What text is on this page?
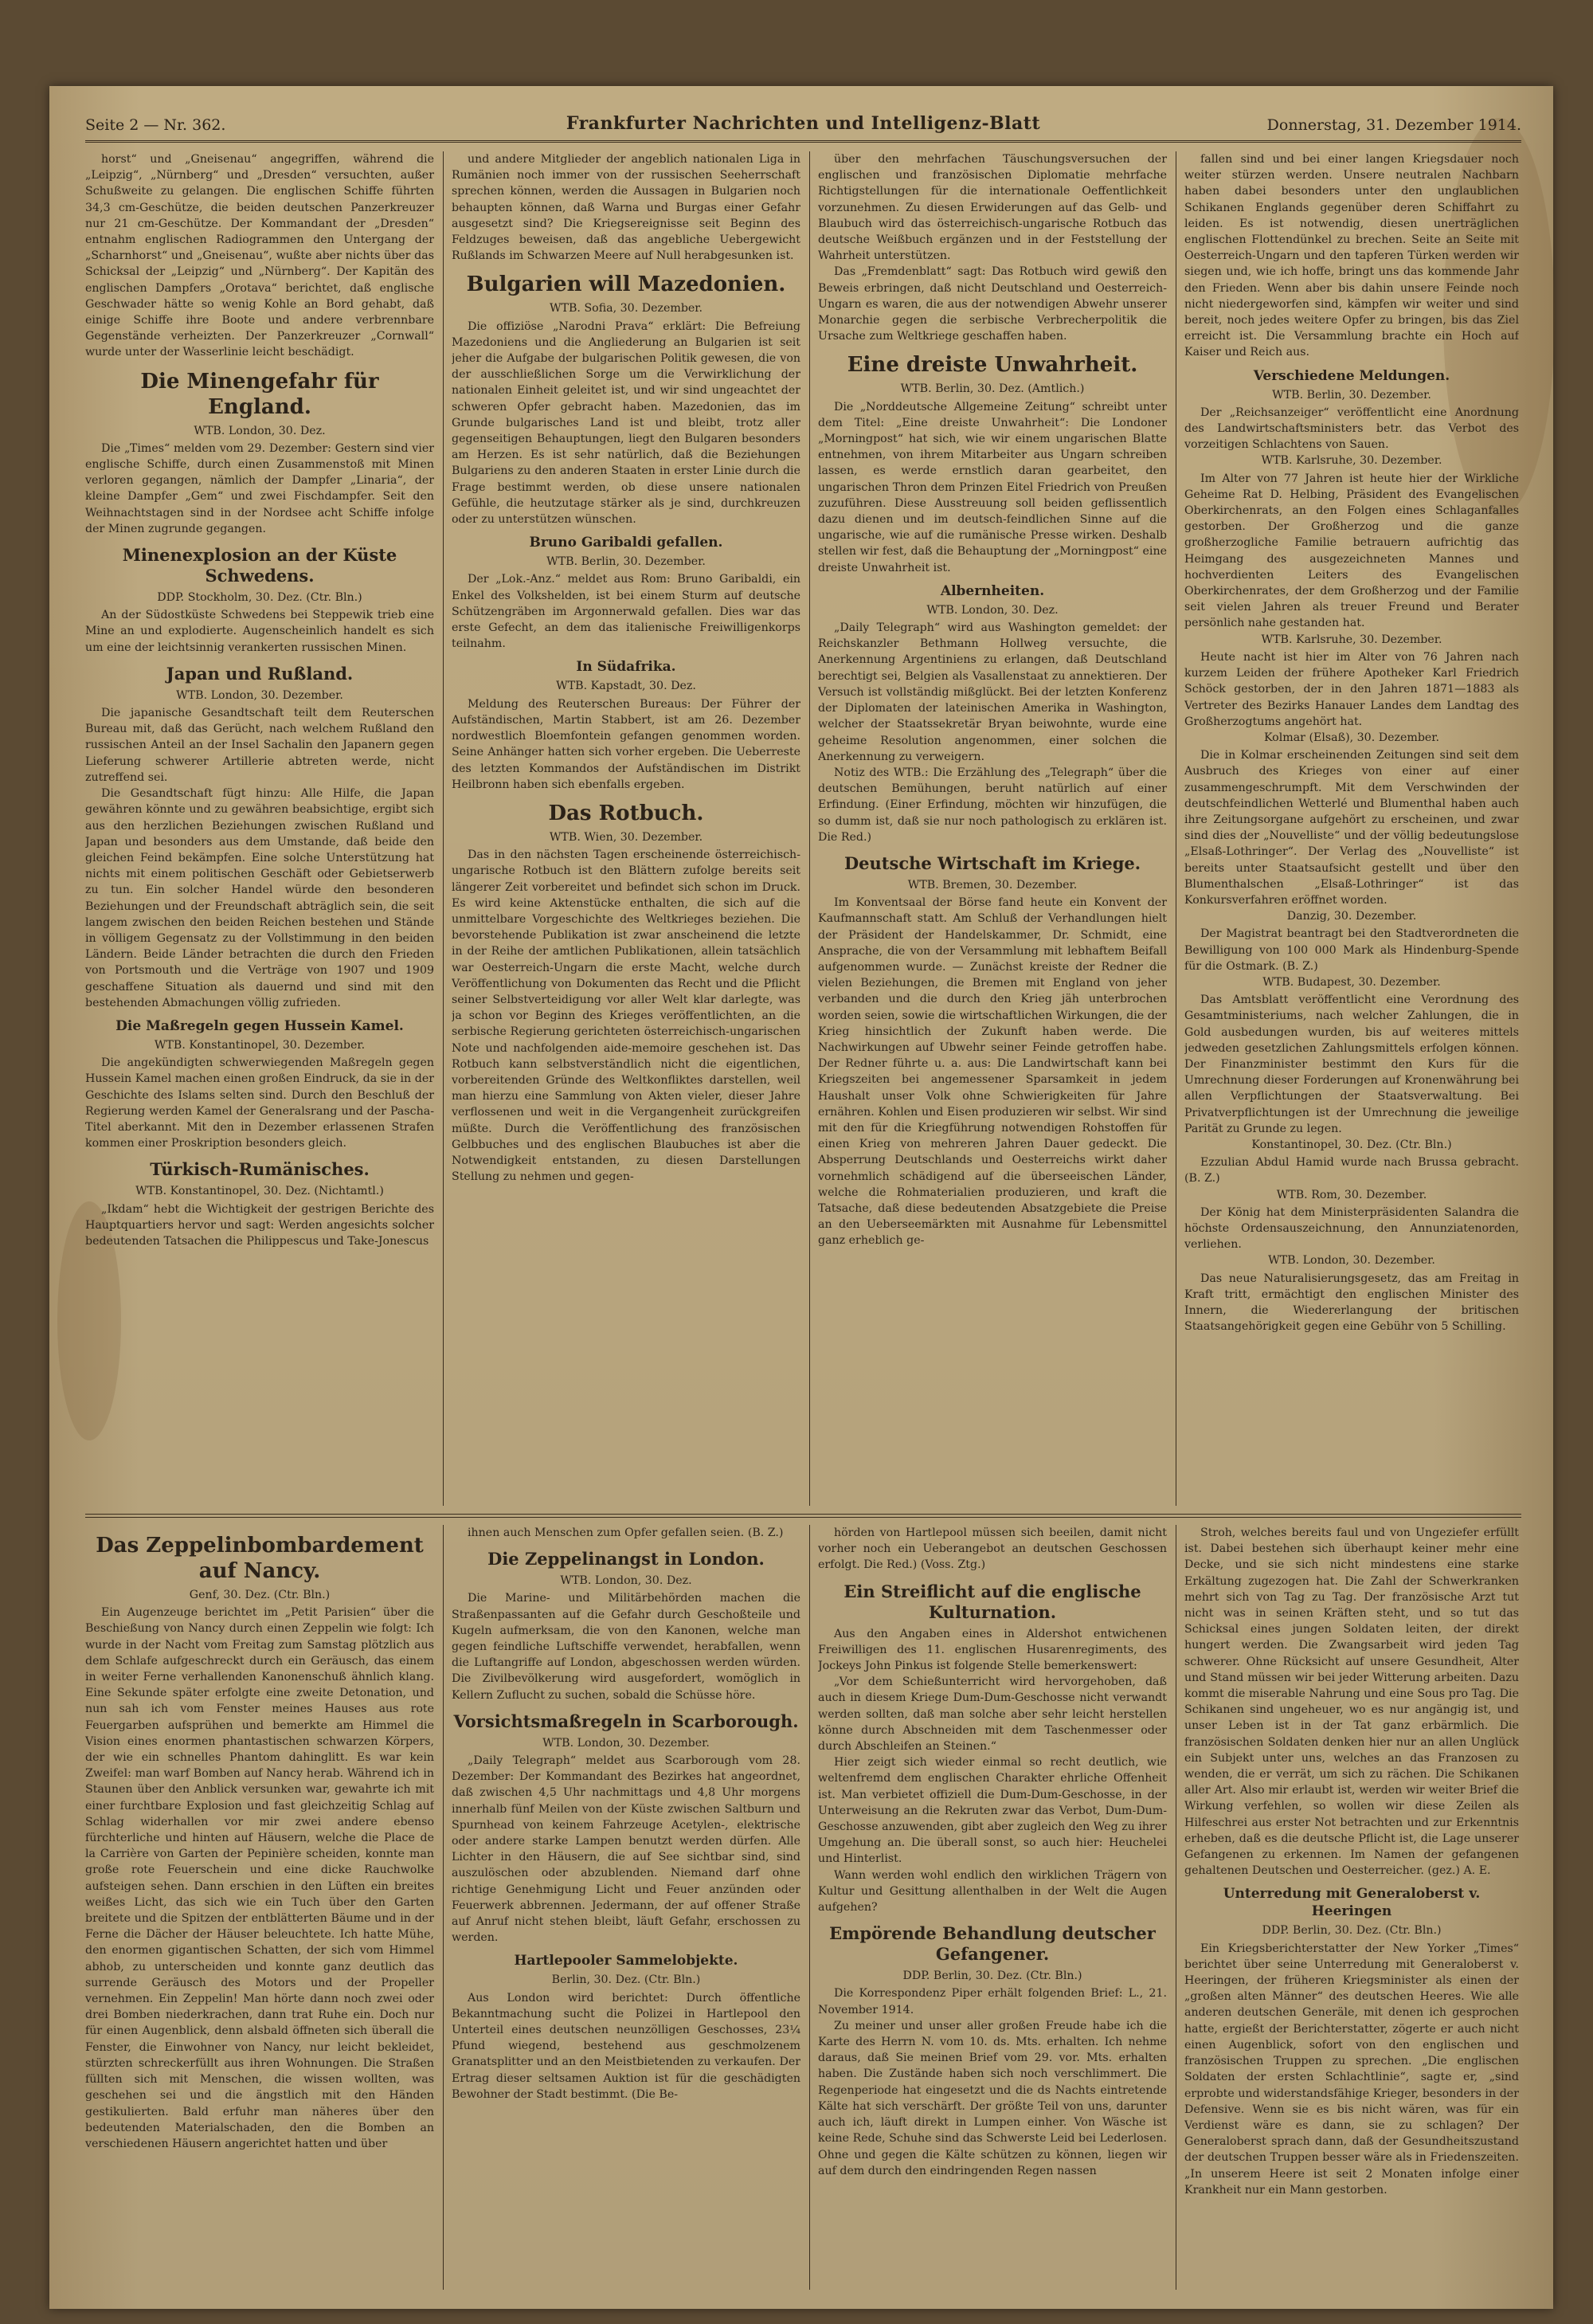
Seite 2 — Nr. 362.	Frankfurter Nachrichten und Intelligenz-Blatt	Donnerstag, 31. Dezember 1914.

horst“ und „Gneisenau“ angegriffen, während die „Leipzig“, „Nürnberg“ und „Dresden“ versuchten, außer Schußweite zu gelangen. Die englischen Schiffe führten 34,3 cm-Geschütze, die beiden deutschen Panzerkreuzer nur 21 cm-Geschütze. Der Kommandant der „Dresden“ entnahm englischen Radiogrammen den Untergang der „Scharnhorst“ und „Gneisenau“, wußte aber nichts über das Schicksal der „Leipzig“ und „Nürnberg“. Der Kapitän des englischen Dampfers „Orotava“ berichtet, daß englische Geschwader hätte so wenig Kohle an Bord gehabt, daß einige Schiffe ihre Boote und andere verbrennbare Gegenstände verheizten. Der Panzerkreuzer „Cornwall“ wurde unter der Wasserlinie leicht beschädigt.

Die Minengefahr für England.
WTB. London, 30. Dez.

Die „Times“ melden vom 29. Dezember: Gestern sind vier englische Schiffe, durch einen Zusammenstoß mit Minen verloren gegangen, nämlich der Dampfer „Linaria“, der kleine Dampfer „Gem“ und zwei Fischdampfer. Seit den Weihnachtstagen sind in der Nordsee acht Schiffe infolge der Minen zugrunde gegangen.

Minenexplosion an der Küste Schwedens.
DDP. Stockholm, 30. Dez. (Ctr. Bln.)

An der Südostküste Schwedens bei Steppewik trieb eine Mine an und explodierte. Augenscheinlich handelt es sich um eine der leichtsinnig verankerten russischen Minen.

Japan und Rußland.
WTB. London, 30. Dezember.

Die japanische Gesandtschaft teilt dem Reuterschen Bureau mit, daß das Gerücht, nach welchem Rußland den russischen Anteil an der Insel Sachalin den Japanern gegen Lieferung schwerer Artillerie abtreten werde, nicht zutreffend sei.

Die Gesandtschaft fügt hinzu: Alle Hilfe, die Japan gewähren könnte und zu gewähren beabsichtige, ergibt sich aus den herzlichen Beziehungen zwischen Rußland und Japan und besonders aus dem Umstande, daß beide den gleichen Feind bekämpfen. Eine solche Unterstützung hat nichts mit einem politischen Geschäft oder Gebietserwerb zu tun. Ein solcher Handel würde den besonderen Beziehungen und der Freundschaft abträglich sein, die seit langem zwischen den beiden Reichen bestehen und Stände in völligem Gegensatz zu der Vollstimmung in den beiden Ländern. Beide Länder betrachten die durch den Frieden von Portsmouth und die Verträge von 1907 und 1909 geschaffene Situation als dauernd und sind mit den bestehenden Abmachungen völlig zufrieden.

Die Maßregeln gegen Hussein Kamel.
WTB. Konstantinopel, 30. Dezember.

Die angekündigten schwerwiegenden Maßregeln gegen Hussein Kamel machen einen großen Eindruck, da sie in der Geschichte des Islams selten sind. Durch den Beschluß der Regierung werden Kamel der Generalsrang und der Pascha-Titel aberkannt. Mit den in Dezember erlassenen Strafen kommen einer Proskription besonders gleich.

Türkisch-Rumänisches.
WTB. Konstantinopel, 30. Dez. (Nichtamtl.)

„Ikdam“ hebt die Wichtigkeit der gestrigen Berichte des Hauptquartiers hervor und sagt: Werden angesichts solcher bedeutenden Tatsachen die Philippescus und Take-Jonescus

und andere Mitglieder der angeblich nationalen Liga in Rumänien noch immer von der russischen Seeherrschaft sprechen können, werden die Aussagen in Bulgarien noch behaupten können, daß Warna und Burgas einer Gefahr ausgesetzt sind? Die Kriegsereignisse seit Beginn des Feldzuges beweisen, daß das angebliche Uebergewicht Rußlands im Schwarzen Meere auf Null herabgesunken ist.

Bulgarien will Mazedonien.
WTB. Sofia, 30. Dezember.

Die offiziöse „Narodni Prava“ erklärt: Die Befreiung Mazedoniens und die Angliederung an Bulgarien ist seit jeher die Aufgabe der bulgarischen Politik gewesen, die von der ausschließlichen Sorge um die Verwirklichung der nationalen Einheit geleitet ist, und wir sind ungeachtet der schweren Opfer gebracht haben. Mazedonien, das im Grunde bulgarisches Land ist und bleibt, trotz aller gegenseitigen Behauptungen, liegt den Bulgaren besonders am Herzen. Es ist sehr natürlich, daß die Beziehungen Bulgariens zu den anderen Staaten in erster Linie durch die Frage bestimmt werden, ob diese unsere nationalen Gefühle, die heutzutage stärker als je sind, durchkreuzen oder zu unterstützen wünschen.

Bruno Garibaldi gefallen.
WTB. Berlin, 30. Dezember.

Der „Lok.-Anz.“ meldet aus Rom: Bruno Garibaldi, ein Enkel des Volkshelden, ist bei einem Sturm auf deutsche Schützengräben im Argonnerwald gefallen. Dies war das erste Gefecht, an dem das italienische Freiwilligenkorps teilnahm.

In Südafrika.
WTB. Kapstadt, 30. Dez.

Meldung des Reuterschen Bureaus: Der Führer der Aufständischen, Martin Stabbert, ist am 26. Dezember nordwestlich Bloemfontein gefangen genommen worden. Seine Anhänger hatten sich vorher ergeben. Die Ueberreste des letzten Kommandos der Aufständischen im Distrikt Heilbronn haben sich ebenfalls ergeben.

Das Rotbuch.
WTB. Wien, 30. Dezember.

Das in den nächsten Tagen erscheinende österreichisch-ungarische Rotbuch ist den Blättern zufolge bereits seit längerer Zeit vorbereitet und befindet sich schon im Druck. Es wird keine Aktenstücke enthalten, die sich auf die unmittelbare Vorgeschichte des Weltkrieges beziehen. Die bevorstehende Publikation ist zwar anscheinend die letzte in der Reihe der amtlichen Publikationen, allein tatsächlich war Oesterreich-Ungarn die erste Macht, welche durch Veröffentlichung von Dokumenten das Recht und die Pflicht seiner Selbstverteidigung vor aller Welt klar darlegte, was ja schon vor Beginn des Krieges veröffentlichten, an die serbische Regierung gerichteten österreichisch-ungarischen Note und nachfolgenden aide-memoire geschehen ist. Das Rotbuch kann selbstverständlich nicht die eigentlichen, vorbereitenden Gründe des Weltkonfliktes darstellen, weil man hierzu eine Sammlung von Akten vieler, dieser Jahre verflossenen und weit in die Vergangenheit zurückgreifen müßte. Durch die Veröffentlichung des französischen Gelbbuches und des englischen Blaubuches ist aber die Notwendigkeit entstanden, zu diesen Darstellungen Stellung zu nehmen und gegen-

über den mehrfachen Täuschungsversuchen der englischen und französischen Diplomatie mehrfache Richtigstellungen für die internationale Oeffentlichkeit vorzunehmen. Zu diesen Erwiderungen auf das Gelb- und Blaubuch wird das österreichisch-ungarische Rotbuch das deutsche Weißbuch ergänzen und in der Feststellung der Wahrheit unterstützen.

Das „Fremdenblatt“ sagt: Das Rotbuch wird gewiß den Beweis erbringen, daß nicht Deutschland und Oesterreich-Ungarn es waren, die aus der notwendigen Abwehr unserer Monarchie gegen die serbische Verbrecherpolitik die Ursache zum Weltkriege geschaffen haben.

Eine dreiste Unwahrheit.
WTB. Berlin, 30. Dez. (Amtlich.)

Die „Norddeutsche Allgemeine Zeitung“ schreibt unter dem Titel: „Eine dreiste Unwahrheit“: Die Londoner „Morningpost“ hat sich, wie wir einem ungarischen Blatte entnehmen, von ihrem Mitarbeiter aus Ungarn schreiben lassen, es werde ernstlich daran gearbeitet, den ungarischen Thron dem Prinzen Eitel Friedrich von Preußen zuzuführen. Diese Ausstreuung soll beiden geflissentlich dazu dienen und im deutsch-feindlichen Sinne auf die ungarische, wie auf die rumänische Presse wirken. Deshalb stellen wir fest, daß die Behauptung der „Morningpost“ eine dreiste Unwahrheit ist.

Albernheiten.
WTB. London, 30. Dez.

„Daily Telegraph“ wird aus Washington gemeldet: der Reichskanzler Bethmann Hollweg versuchte, die Anerkennung Argentiniens zu erlangen, daß Deutschland berechtigt sei, Belgien als Vasallenstaat zu annektieren. Der Versuch ist vollständig mißglückt. Bei der letzten Konferenz der Diplomaten der lateinischen Amerika in Washington, welcher der Staatssekretär Bryan beiwohnte, wurde eine geheime Resolution angenommen, einer solchen die Anerkennung zu verweigern.

Notiz des WTB.: Die Erzählung des „Telegraph“ über die deutschen Bemühungen, beruht natürlich auf einer Erfindung. (Einer Erfindung, möchten wir hinzufügen, die so dumm ist, daß sie nur noch pathologisch zu erklären ist. Die Red.)

Deutsche Wirtschaft im Kriege.
WTB. Bremen, 30. Dezember.

Im Konventsaal der Börse fand heute ein Konvent der Kaufmannschaft statt. Am Schluß der Verhandlungen hielt der Präsident der Handelskammer, Dr. Schmidt, eine Ansprache, die von der Versammlung mit lebhaftem Beifall aufgenommen wurde. — Zunächst kreiste der Redner die vielen Beziehungen, die Bremen mit England von jeher verbanden und die durch den Krieg jäh unterbrochen worden seien, sowie die wirtschaftlichen Wirkungen, die der Krieg hinsichtlich der Zukunft haben werde. Die Nachwirkungen auf Ubwehr seiner Feinde getroffen habe. Der Redner führte u. a. aus: Die Landwirtschaft kann bei Kriegszeiten bei angemessener Sparsamkeit in jedem Haushalt unser Volk ohne Schwierigkeiten für Jahre ernähren. Kohlen und Eisen produzieren wir selbst. Wir sind mit den für die Kriegführung notwendigen Rohstoffen für einen Krieg von mehreren Jahren Dauer gedeckt. Die Absperrung Deutschlands und Oesterreichs wirkt daher vornehmlich schädigend auf die überseeischen Länder, welche die Rohmaterialien produzieren, und kraft die Tatsache, daß diese bedeutenden Absatzgebiete die Preise an den Ueberseemärkten mit Ausnahme für Lebensmittel ganz erheblich ge-

fallen sind und bei einer langen Kriegsdauer noch weiter stürzen werden. Unsere neutralen Nachbarn haben dabei besonders unter den unglaublichen Schikanen Englands gegenüber deren Schiffahrt zu leiden. Es ist notwendig, diesen unerträglichen englischen Flottendünkel zu brechen. Seite an Seite mit Oesterreich-Ungarn und den tapferen Türken werden wir siegen und, wie ich hoffe, bringt uns das kommende Jahr den Frieden. Wenn aber bis dahin unsere Feinde noch nicht niedergeworfen sind, kämpfen wir weiter und sind bereit, noch jedes weitere Opfer zu bringen, bis das Ziel erreicht ist. Die Versammlung brachte ein Hoch auf Kaiser und Reich aus.

Verschiedene Meldungen.
WTB. Berlin, 30. Dezember.

Der „Reichsanzeiger“ veröffentlicht eine Anordnung des Landwirtschaftsministers betr. das Verbot des vorzeitigen Schlachtens von Sauen.

WTB. Karlsruhe, 30. Dezember.

Im Alter von 77 Jahren ist heute hier der Wirkliche Geheime Rat D. Helbing, Präsident des Evangelischen Oberkirchenrats, an den Folgen eines Schlaganfalles gestorben. Der Großherzog und die ganze großherzogliche Familie betrauern aufrichtig das Heimgang des ausgezeichneten Mannes und hochverdienten Leiters des Evangelischen Oberkirchenrates, der dem Großherzog und der Familie seit vielen Jahren als treuer Freund und Berater persönlich nahe gestanden hat.

WTB. Karlsruhe, 30. Dezember.

Heute nacht ist hier im Alter von 76 Jahren nach kurzem Leiden der frühere Apotheker Karl Friedrich Schöck gestorben, der in den Jahren 1871—1883 als Vertreter des Bezirks Hanauer Landes dem Landtag des Großherzogtums angehört hat.

Kolmar (Elsaß), 30. Dezember.

Die in Kolmar erscheinenden Zeitungen sind seit dem Ausbruch des Krieges von einer auf einer zusammengeschrumpft. Mit dem Verschwinden der deutschfeindlichen Wetterlé und Blumenthal haben auch ihre Zeitungsorgane aufgehört zu erscheinen, und zwar sind dies der „Nouvelliste“ und der völlig bedeutungslose „Elsaß-Lothringer“. Der Verlag des „Nouvelliste“ ist bereits unter Staatsaufsicht gestellt und über den Blumenthalschen „Elsaß-Lothringer“ ist das Konkursverfahren eröffnet worden.

Danzig, 30. Dezember.

Der Magistrat beantragt bei den Stadtverordneten die Bewilligung von 100 000 Mark als Hindenburg-Spende für die Ostmark. (B. Z.)

WTB. Budapest, 30. Dezember.

Das Amtsblatt veröffentlicht eine Verordnung des Gesamtministeriums, nach welcher Zahlungen, die in Gold ausbedungen wurden, bis auf weiteres mittels jedweden gesetzlichen Zahlungsmittels erfolgen können. Der Finanzminister bestimmt den Kurs für die Umrechnung dieser Forderungen auf Kronenwährung bei allen Verpflichtungen der Staatsverwaltung. Bei Privatverpflichtungen ist der Umrechnung die jeweilige Parität zu Grunde zu legen.

Konstantinopel, 30. Dez. (Ctr. Bln.)

Ezzulian Abdul Hamid wurde nach Brussa gebracht. (B. Z.)

WTB. Rom, 30. Dezember.

Der König hat dem Ministerpräsidenten Salandra die höchste Ordensauszeichnung, den Annunziatenorden, verliehen.

WTB. London, 30. Dezember.

Das neue Naturalisierungsgesetz, das am Freitag in Kraft tritt, ermächtigt den englischen Minister des Innern, die Wiedererlangung der britischen Staatsangehörigkeit gegen eine Gebühr von 5 Schilling.

Das Zeppelinbombardement auf Nancy.
Genf, 30. Dez. (Ctr. Bln.)

Ein Augenzeuge berichtet im „Petit Parisien“ über die Beschießung von Nancy durch einen Zeppelin wie folgt: Ich wurde in der Nacht vom Freitag zum Samstag plötzlich aus dem Schlafe aufgeschreckt durch ein Geräusch, das einem in weiter Ferne verhallenden Kanonenschuß ähnlich klang. Eine Sekunde später erfolgte eine zweite Detonation, und nun sah ich vom Fenster meines Hauses aus rote Feuergarben aufsprühen und bemerkte am Himmel die Vision eines enormen phantastischen schwarzen Körpers, der wie ein schnelles Phantom dahinglitt. Es war kein Zweifel: man warf Bomben auf Nancy herab. Während ich in Staunen über den Anblick versunken war, gewahrte ich mit einer furchtbare Explosion und fast gleichzeitig Schlag auf Schlag widerhallen vor mir zwei andere ebenso fürchterliche und hinten auf Häusern, welche die Place de la Carrière von Garten der Pepinière scheiden, konnte man große rote Feuerschein und eine dicke Rauchwolke aufsteigen sehen. Dann erschien in den Lüften ein breites weißes Licht, das sich wie ein Tuch über den Garten breitete und die Spitzen der entblätterten Bäume und in der Ferne die Dächer der Häuser beleuchtete. Ich hatte Mühe, den enormen gigantischen Schatten, der sich vom Himmel abhob, zu unterscheiden und konnte ganz deutlich das surrende Geräusch des Motors und der Propeller vernehmen. Ein Zeppelin! Man hörte dann noch zwei oder drei Bomben niederkrachen, dann trat Ruhe ein. Doch nur für einen Augenblick, denn alsbald öffneten sich überall die Fenster, die Einwohner von Nancy, nur leicht bekleidet, stürzten schreckerfüllt aus ihren Wohnungen. Die Straßen füllten sich mit Menschen, die wissen wollten, was geschehen sei und die ängstlich mit den Händen gestikulierten. Bald erfuhr man näheres über den bedeutenden Materialschaden, den die Bomben an verschiedenen Häusern angerichtet hatten und über

ihnen auch Menschen zum Opfer gefallen seien. (B. Z.)

Die Zeppelinangst in London.
WTB. London, 30. Dez.

Die Marine- und Militärbehörden machen die Straßenpassanten auf die Gefahr durch Geschoßteile und Kugeln aufmerksam, die von den Kanonen, welche man gegen feindliche Luftschiffe verwendet, herabfallen, wenn die Luftangriffe auf London, abgeschossen werden würden. Die Zivilbevölkerung wird ausgefordert, womöglich in Kellern Zuflucht zu suchen, sobald die Schüsse höre.

Vorsichtsmaßregeln in Scarborough.
WTB. London, 30. Dezember.

„Daily Telegraph“ meldet aus Scarborough vom 28. Dezember: Der Kommandant des Bezirkes hat angeordnet, daß zwischen 4,5 Uhr nachmittags und 4,8 Uhr morgens innerhalb fünf Meilen von der Küste zwischen Saltburn und Spurnhead von keinem Fahrzeuge Acetylen-, elektrische oder andere starke Lampen benutzt werden dürfen. Alle Lichter in den Häusern, die auf See sichtbar sind, sind auszulöschen oder abzublenden. Niemand darf ohne richtige Genehmigung Licht und Feuer anzünden oder Feuerwerk abbrennen. Jedermann, der auf offener Straße auf Anruf nicht stehen bleibt, läuft Gefahr, erschossen zu werden.

Hartlepooler Sammelobjekte.
Berlin, 30. Dez. (Ctr. Bln.)

Aus London wird berichtet: Durch öffentliche Bekanntmachung sucht die Polizei in Hartlepool den Unterteil eines deutschen neunzölligen Geschosses, 23¼ Pfund wiegend, bestehend aus geschmolzenem Granatsplitter und an den Meistbietenden zu verkaufen. Der Ertrag dieser seltsamen Auktion ist für die geschädigten Bewohner der Stadt bestimmt. (Die Be-

hörden von Hartlepool müssen sich beeilen, damit nicht vorher noch ein Ueberangebot an deutschen Geschossen erfolgt. Die Red.) (Voss. Ztg.)

Ein Streiflicht auf die englische Kulturnation.

Aus den Angaben eines in Aldershot entwichenen Freiwilligen des 11. englischen Husarenregiments, des Jockeys John Pinkus ist folgende Stelle bemerkenswert:

„Vor dem Schießunterricht wird hervorgehoben, daß auch in diesem Kriege Dum-Dum-Geschosse nicht verwandt werden sollten, daß man solche aber sehr leicht herstellen könne durch Abschneiden mit dem Taschenmesser oder durch Abschleifen an Steinen.“

Hier zeigt sich wieder einmal so recht deutlich, wie weltenfremd dem englischen Charakter ehrliche Offenheit ist. Man verbietet offiziell die Dum-Dum-Geschosse, in der Unterweisung an die Rekruten zwar das Verbot, Dum-Dum-Geschosse anzuwenden, gibt aber zugleich den Weg zu ihrer Umgehung an. Die überall sonst, so auch hier: Heuchelei und Hinterlist.

Wann werden wohl endlich den wirklichen Trägern von Kultur und Gesittung allenthalben in der Welt die Augen aufgehen?

Empörende Behandlung deutscher Gefangener.
DDP. Berlin, 30. Dez. (Ctr. Bln.)

Die Korrespondenz Piper erhält folgenden Brief: L., 21. November 1914.

Zu meiner und unser aller großen Freude habe ich die Karte des Herrn N. vom 10. ds. Mts. erhalten. Ich nehme daraus, daß Sie meinen Brief vom 29. vor. Mts. erhalten haben. Die Zustände haben sich noch verschlimmert. Die Regenperiode hat eingesetzt und die ds Nachts eintretende Kälte hat sich verschärft. Der größte Teil von uns, darunter auch ich, läuft direkt in Lumpen einher. Von Wäsche ist keine Rede, Schuhe sind das Schwerste Leid bei Lederlosen. Ohne und gegen die Kälte schützen zu können, liegen wir auf dem durch den eindringenden Regen nassen

Stroh, welches bereits faul und von Ungeziefer erfüllt ist. Dabei bestehen sich überhaupt keiner mehr eine Decke, und sie sich nicht mindestens eine starke Erkältung zugezogen hat. Die Zahl der Schwerkranken mehrt sich von Tag zu Tag. Der französische Arzt tut nicht was in seinen Kräften steht, und so tut das Schicksal eines jungen Soldaten leiten, der direkt hungert werden. Die Zwangsarbeit wird jeden Tag schwerer. Ohne Rücksicht auf unsere Gesundheit, Alter und Stand müssen wir bei jeder Witterung arbeiten. Dazu kommt die miserable Nahrung und eine Sous pro Tag. Die Schikanen sind ungeheuer, wo es nur angängig ist, und unser Leben ist in der Tat ganz erbärmlich. Die französischen Soldaten denken hier nur an allen Unglück ein Subjekt unter uns, welches an das Franzosen zu wenden, die er verrät, um sich zu rächen. Die Schikanen aller Art. Also mir erlaubt ist, werden wir weiter Brief die Wirkung verfehlen, so wollen wir diese Zeilen als Hilfeschrei aus erster Not betrachten und zur Erkenntnis erheben, daß es die deutsche Pflicht ist, die Lage unserer Gefangenen zu erkennen. Im Namen der gefangenen gehaltenen Deutschen und Oesterreicher. (gez.) A. E.

Unterredung mit Generaloberst v. Heeringen
DDP. Berlin, 30. Dez. (Ctr. Bln.)

Ein Kriegsberichterstatter der New Yorker „Times“ berichtet über seine Unterredung mit Generaloberst v. Heeringen, der früheren Kriegsminister als einen der „großen alten Männer“ des deutschen Heeres. Wie alle anderen deutschen Generäle, mit denen ich gesprochen hatte, ergießt der Berichterstatter, zögerte er auch nicht einen Augenblick, sofort von den englischen und französischen Truppen zu sprechen. „Die englischen Soldaten der ersten Schlachtlinie“, sagte er, „sind erprobte und widerstandsfähige Krieger, besonders in der Defensive. Wenn sie es bis nicht wären, was für ein Verdienst wäre es dann, sie zu schlagen? Der Generaloberst sprach dann, daß der Gesundheitszustand der deutschen Truppen besser wäre als in Friedenszeiten. „In unserem Heere ist seit 2 Monaten infolge einer Krankheit nur ein Mann gestorben.
